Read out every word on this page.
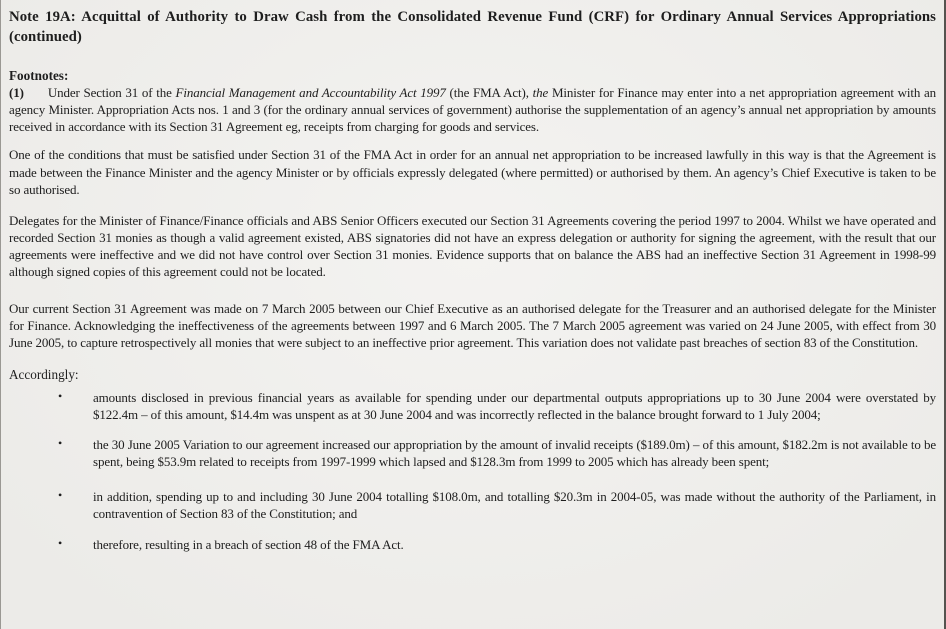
Note 19A: Acquittal of Authority to Draw Cash from the Consolidated Revenue Fund (CRF) for Ordinary Annual Services Appropriations (continued)

Footnotes:

(1) Under Section 31 of the Financial Management and Accountability Act 1997 (the FMA Act), the Minister for Finance may enter into a net appropriation agreement with an agency Minister. Appropriation Acts nos. 1 and 3 (for the ordinary annual services of government) authorise the supplementation of an agency’s annual net appropriation by amounts received in accordance with its Section 31 Agreement eg, receipts from charging for goods and services.

One of the conditions that must be satisfied under Section 31 of the FMA Act in order for an annual net appropriation to be increased lawfully in this way is that the Agreement is made between the Finance Minister and the agency Minister or by officials expressly delegated (where permitted) or authorised by them. An agency’s Chief Executive is taken to be so authorised.

Delegates for the Minister of Finance/Finance officials and ABS Senior Officers executed our Section 31 Agreements covering the period 1997 to 2004. Whilst we have operated and recorded Section 31 monies as though a valid agreement existed, ABS signatories did not have an express delegation or authority for signing the agreement, with the result that our agreements were ineffective and we did not have control over Section 31 monies. Evidence supports that on balance the ABS had an ineffective Section 31 Agreement in 1998-99 although signed copies of this agreement could not be located.

Our current Section 31 Agreement was made on 7 March 2005 between our Chief Executive as an authorised delegate for the Treasurer and an authorised delegate for the Minister for Finance. Acknowledging the ineffectiveness of the agreements between 1997 and 6 March 2005. The 7 March 2005 agreement was varied on 24 June 2005, with effect from 30 June 2005, to capture retrospectively all monies that were subject to an ineffective prior agreement. This variation does not validate past breaches of section 83 of the Constitution.

Accordingly:

• amounts disclosed in previous financial years as available for spending under our departmental outputs appropriations up to 30 June 2004 were overstated by $122.4m – of this amount, $14.4m was unspent as at 30 June 2004 and was incorrectly reflected in the balance brought forward to 1 July 2004;
• the 30 June 2005 Variation to our agreement increased our appropriation by the amount of invalid receipts ($189.0m) – of this amount, $182.2m is not available to be spent, being $53.9m related to receipts from 1997-1999 which lapsed and $128.3m from 1999 to 2005 which has already been spent;
• in addition, spending up to and including 30 June 2004 totalling $108.0m, and totalling $20.3m in 2004-05, was made without the authority of the Parliament, in contravention of Section 83 of the Constitution; and
• therefore, resulting in a breach of section 48 of the FMA Act.
